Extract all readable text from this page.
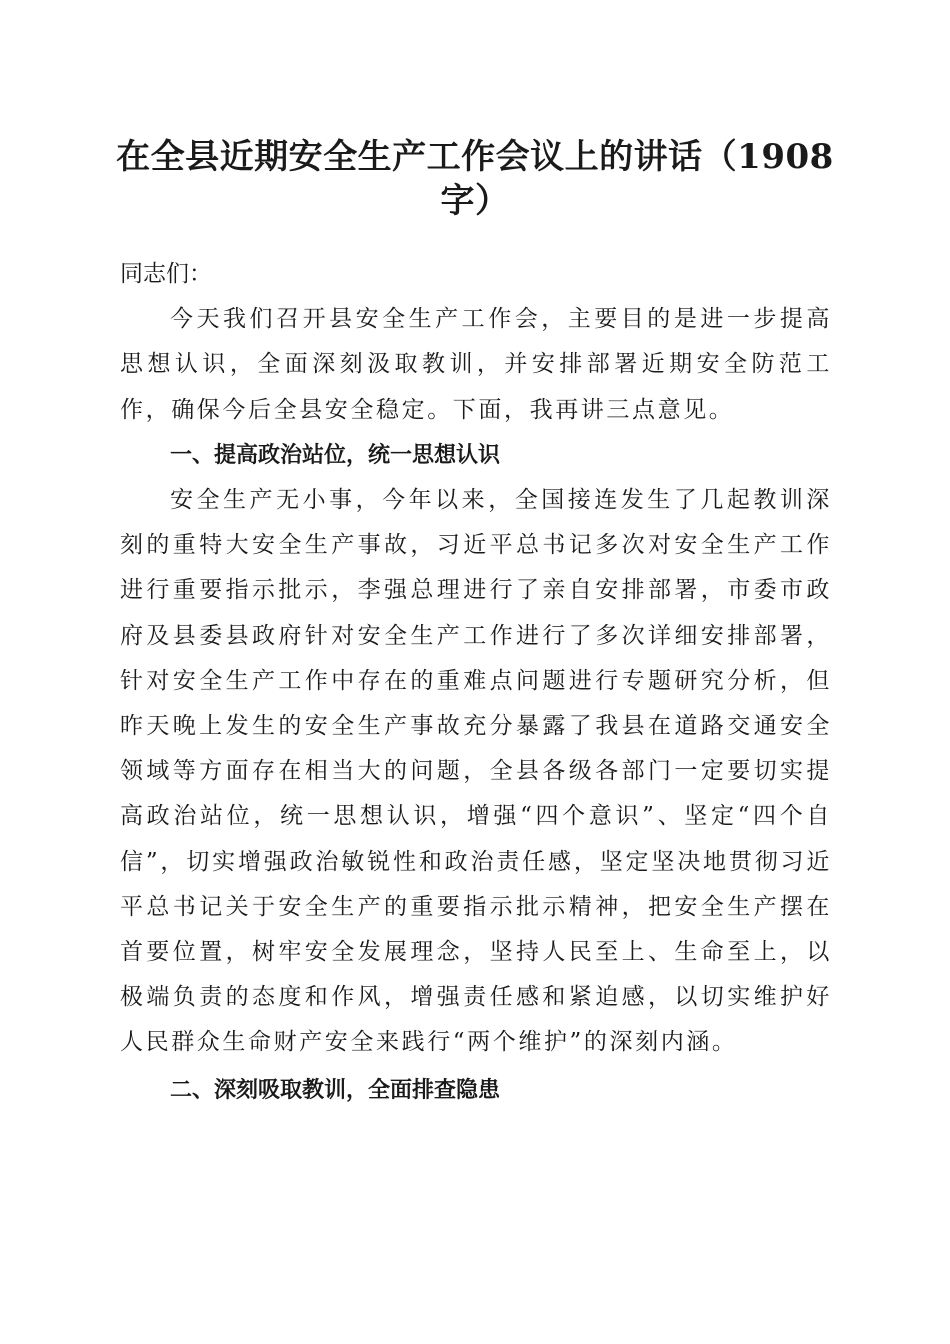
在全县近期安全生产工作会议上的讲话（1908字）

同志们：

今天我们召开县安全生产工作会，主要目的是进一步提高思想认识，全面深刻汲取教训，并安排部署近期安全防范工作，确保今后全县安全稳定。下面，我再讲三点意见。

一、提高政治站位，统一思想认识

安全生产无小事，今年以来，全国接连发生了几起教训深刻的重特大安全生产事故，习近平总书记多次对安全生产工作进行重要指示批示，李强总理进行了亲自安排部署，市委市政府及县委县政府针对安全生产工作进行了多次详细安排部署，针对安全生产工作中存在的重难点问题进行专题研究分析，但昨天晚上发生的安全生产事故充分暴露了我县在道路交通安全领域等方面存在相当大的问题，全县各级各部门一定要切实提高政治站位，统一思想认识，增强“四个意识”、坚定“四个自信”，切实增强政治敏锐性和政治责任感，坚定坚决地贯彻习近平总书记关于安全生产的重要指示批示精神，把安全生产摆在首要位置，树牢安全发展理念，坚持人民至上、生命至上，以极端负责的态度和作风，增强责任感和紧迫感，以切实维护好人民群众生命财产安全来践行“两个维护”的深刻内涵。

二、深刻吸取教训，全面排查隐患
